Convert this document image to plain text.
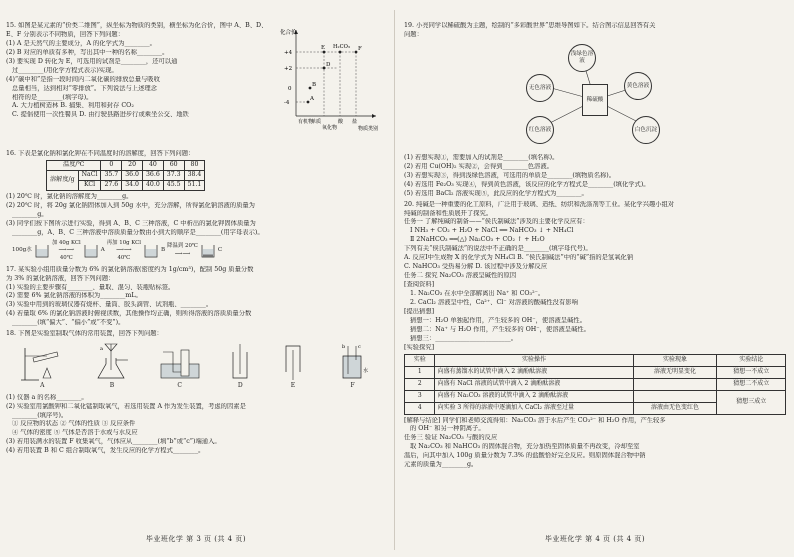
15. 如图是某元素的“价类二维图”，纵坐标为物质的类别，横坐标为化合价，图中 A、B、D、
E、F 分别表示不同物质，回答下列问题：
(1) A 是天然气的主要成分，A 的化学式为________。
(2) B 对应的单质有多种，写出其中一种的名称________。
(3) 要实现 D 转化为 E，可选用的试剂是________，还可以通
过________(用化学方程式表示)实现。
(4)“碳中和”是指一段时间内二氧化碳的排放总量与吸收
总量相当，达到相对“零排放”。下列说法与上述理念
相符的是________(填字母)。
A. 大力植树造林 B. 捕集、利用和封存 CO₂
C. 提倡使用一次性餐具 D. 由行驶县路进步行或乘坐公交、地铁
化合价
+4
+2
0
-4
E H₂CO₃ F
D
B
A
有机物
单质
氧化物
酸 盐
物质类别
16. 下表是氯化钠和氯化钾在不同温度时的溶解度，回答下列问题：
温度/℃		0	20	40	60	80
溶解度/g	NaCl	35.7	36.0	36.6	37.3	38.4
	KCl	27.6	34.0	40.0	45.5	51.1
(1) 20℃ 时，氯化钠的溶解度为________g。
(2) 20℃ 时，将 20g 氯化钠固体加入到 50g 水中，充分溶解，所得氯化钠溶液的质量为
________g。
(3) 同学们按下图所示进行实验，得到 A、B、C 三种溶液，C 中析出的氯化钾固体质量为
________g，A、B、C 三种溶液中溶质质量分数由小到大的顺序是________(用字母表示)。
100g水
加 40g KCl
⟶⟶
40℃
A
再加 10g KCl
⟶⟶
40℃
B
降温到 20℃
⟶⟶
C
17. 某实验小组用质量分数为 6% 的氯化钠溶液(密度约为 1g/cm³)，配制 50g 质量分数
为 3% 的氯化钠溶液，回答下列问题：
(1) 实验的主要步骤有________、量取、混匀、装瓶贴标签。
(2) 需要 6% 氯化钠溶液的体积为________mL。
(3) 实验中用到的玻璃仪器有烧杯、量筒、胶头滴管、试剂瓶、________。
(4) 若量取 6% 的氯化钠溶液时俯视读数，其他操作均正确，则所得溶液的溶质质量分数
________(填“偏大”、“偏小”或“不变”)。
18. 下图是实验室制取气体的常用装置，回答下列问题：
A
a
B	C	D	E
b	c
水
F
(1) 仪器 a 的名称________。
(2) 实验室用氯酸钾和二氧化锰制取氧气，若选用装置 A 作为发生装置，考虑的因素是
________(填序号)。
① 反应物的状态 ② 气体的性质 ③ 反应条件
④ 气体的密度 ⑤ 气体是否溶于水或与水反应
(3) 若用装满水的装置 F 收集氧气，气体应从________(填“b”或“c”)端通入。
(4) 若用装置 B 和 C 组合制取氧气，发生反应的化学方程式________。
毕业班化学 第 3 页 (共 4 页)
19. 小亮同学以稀硫酸为主题，绘制的“多彩酸世界”思维导图如下。结合图示信息回答有关
问题：
无色溶液
浅绿色溶液
黄色溶液
红色溶液	白色沉淀
稀硫酸
(1) 若想实现①，需要加入的试剂是________(填名称)。
(2) 若用 Cu(OH)₂ 实现②，会得到________色溶液。
(3) 若想实现③，得到浅绿色溶液，可选用的单质是________(填物质名称)。
(4) 若选用 Fe₂O₃ 实现④，得到黄色溶液，该反应的化学方程式是________(填化学式)。
(5) 若选用 BaCl₂ 溶液实现⑤，此反应的化学方程式为________。
20. 纯碱是一种重要的化工原料，广泛用于玻璃、造纸、纺织和洗涤剂等工业。某化学兴趣小组对
纯碱的制备和性质展开了探究。
任务一 了解纯碱的制备——“侯氏制碱法”涉及的主要化学反应有：
Ⅰ NH₃ + CO₂ + H₂O + NaCl ══ NaHCO₃ ↓ + NH₄Cl
Ⅱ 2NaHCO₃ ══(△) Na₂CO₃ + CO₂ ↑ + H₂O
下列有关“侯氏制碱法”的说法中不正确的是________(填字母代号)。
A. 反应Ⅰ中生成物 X 的化学式为 NH₄Cl B. “侯氏制碱法”中的“碱”指的是氢氧化钠
C. NaHCO₃ 受热易分解 D. 该过程中涉及分解反应
任务二 探究 Na₂CO₃ 溶液呈碱性的原因
[查阅资料]
1. Na₂CO₃ 在水中全部解离出 Na⁺ 和 CO₃²⁻。
2. CaCl₂ 溶液呈中性，Ca²⁺、Cl⁻ 对溶液的酸碱性没有影响
[提出猜想]
猜想一：H₂O 单独起作用，产生较多的 OH⁻，使溶液呈碱性。
猜想二：Na⁺ 与 H₂O 作用，产生较多的 OH⁻，使溶液呈碱性。
猜想三：________________________。
[实验探究]
实验	实验操作	实验现象	实验结论
1	向盛有蒸馏水的试管中滴入 2 滴酚酞溶液	溶液无明显变化	猜想一不成立
2	向盛有 NaCl 溶液的试管中滴入 2 滴酚酞溶液		猜想二不成立
3	向盛有 Na₂CO₃ 溶液的试管中滴入 2 滴酚酞溶液		猜想三成立
4	向实验 3 所得的溶液中逐滴加入 CaCl₂ 溶液至过量	溶液由无色变红色	
[解释与结论] 同学们和老师交流得知：Na₂CO₃ 溶于水后产生 CO₃²⁻ 和 H₂O 作用，产生较多
的 OH⁻ 和另一种阴离子。
任务三 验证 Na₂CO₃ 与酸的反应
取 Na₂CO₃ 和 NaHCO₃ 的固体混合物，充分加热至固体质量不再改变，冷却至室
温后，向其中加入 100g 质量分数为 7.3% 的盐酸恰好完全反应。则原固体混合物中钠
元素的质量为________g。
毕业班化学 第 4 页 (共 4 页)
